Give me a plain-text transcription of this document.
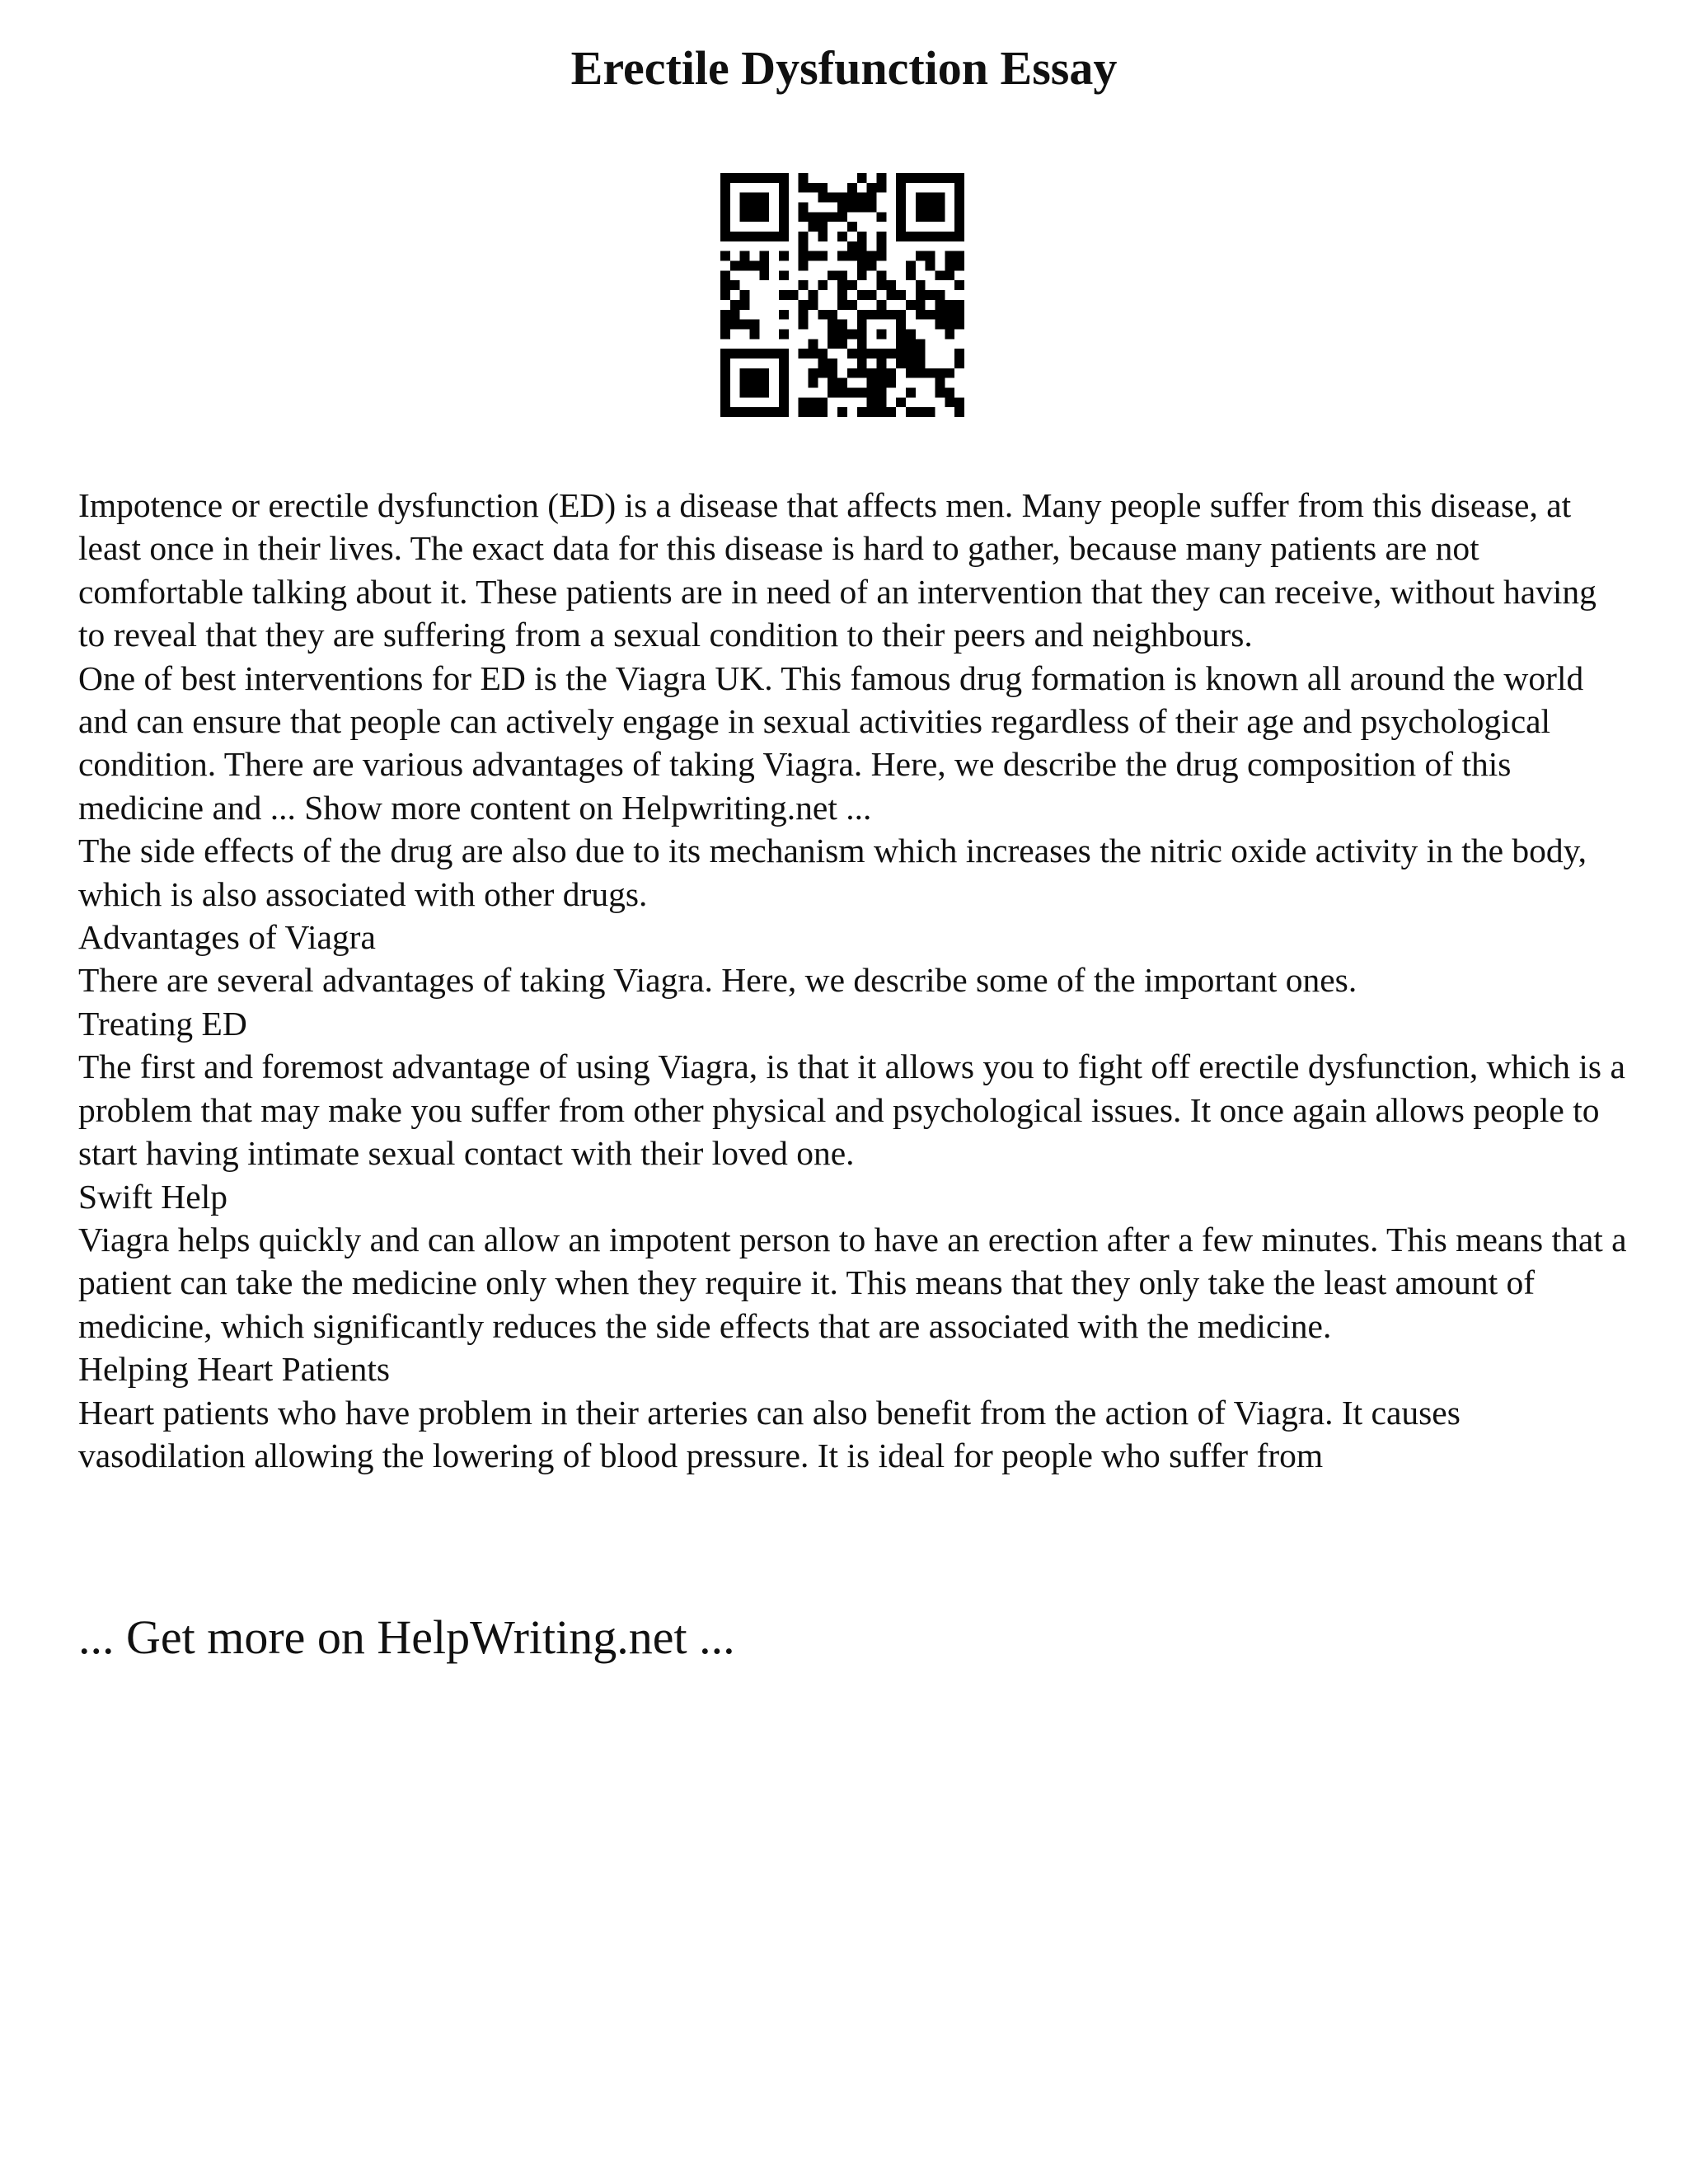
Erectile Dysfunction Essay

Impotence or erectile dysfunction (ED) is a disease that affects men. Many people suffer from this disease, at least once in their lives. The exact data for this disease is hard to gather, because many patients are not comfortable talking about it. These patients are in need of an intervention that they can receive, without having to reveal that they are suffering from a sexual condition to their peers and neighbours.

One of best interventions for ED is the Viagra UK. This famous drug formation is known all around the world and can ensure that people can actively engage in sexual activities regardless of their age and psychological condition. There are various advantages of taking Viagra. Here, we describe the drug composition of this medicine and ... Show more content on Helpwriting.net ...

The side effects of the drug are also due to its mechanism which increases the nitric oxide activity in the body, which is also associated with other drugs.

Advantages of Viagra

There are several advantages of taking Viagra. Here, we describe some of the important ones.

Treating ED

The first and foremost advantage of using Viagra, is that it allows you to fight off erectile dysfunction, which is a problem that may make you suffer from other physical and psychological issues. It once again allows people to start having intimate sexual contact with their loved one.

Swift Help

Viagra helps quickly and can allow an impotent person to have an erection after a few minutes. This means that a patient can take the medicine only when they require it. This means that they only take the least amount of medicine, which significantly reduces the side effects that are associated with the medicine.

Helping Heart Patients

Heart patients who have problem in their arteries can also benefit from the action of Viagra. It causes vasodilation allowing the lowering of blood pressure. It is ideal for people who suffer from

... Get more on HelpWriting.net ...
